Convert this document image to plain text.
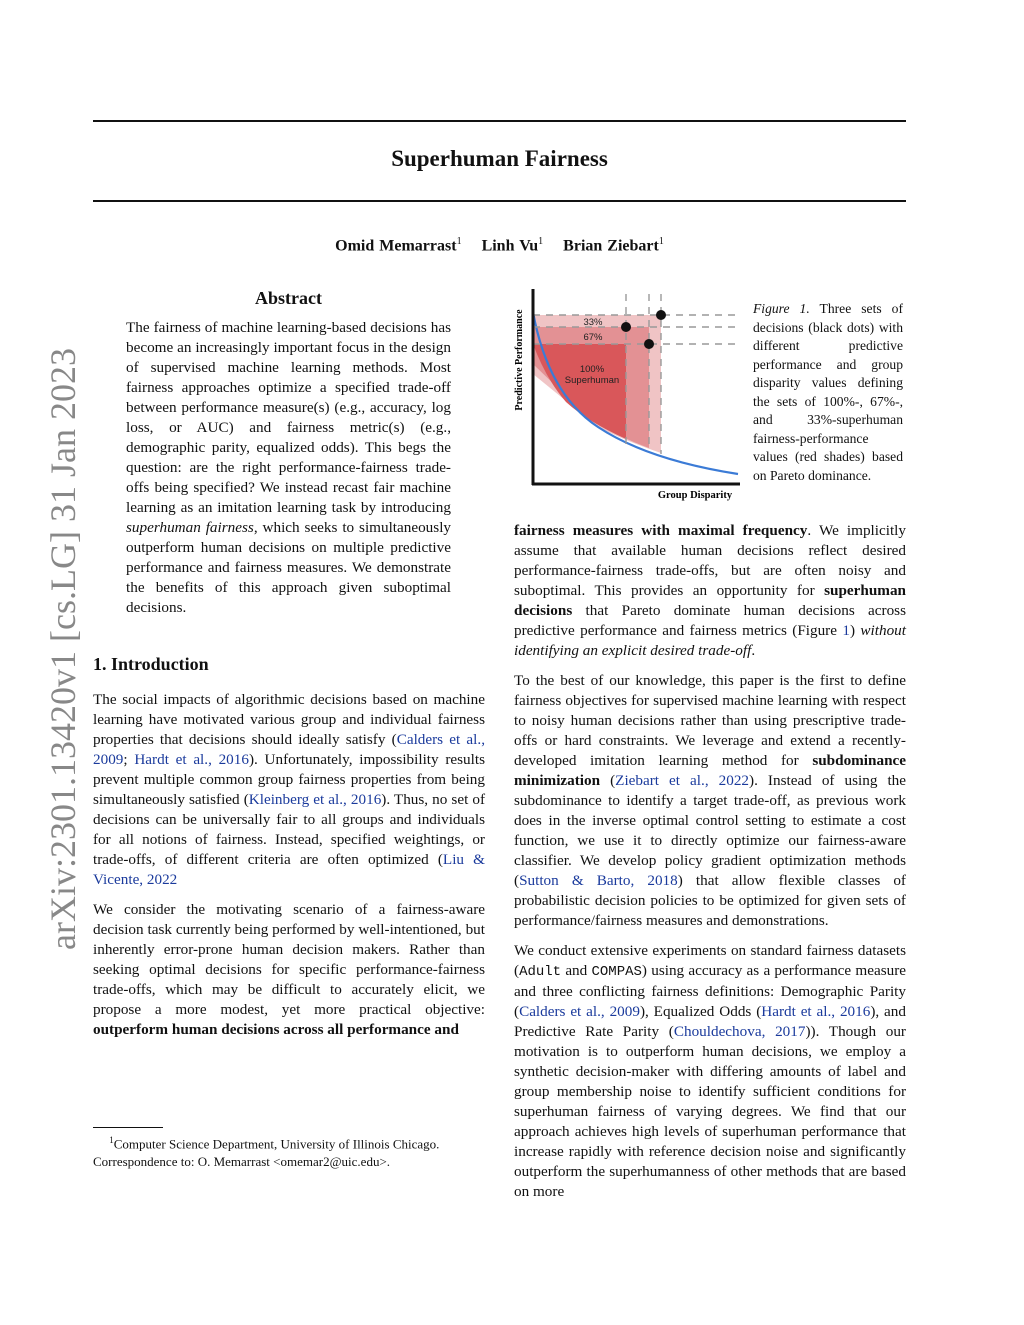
Superhuman Fairness
Omid Memarrast$^1$ Linh Vu$^1$ Brian Ziebart$^1$
arXiv:2301.13420v1 [cs.LG] 31 Jan 2023
Abstract
The fairness of machine learning-based decisions has become an increasingly important focus in the design of supervised machine learning methods. Most fairness approaches optimize a specified trade-off between performance measure(s) (e.g., accuracy, log loss, or AUC) and fairness metric(s) (e.g., demographic parity, equalized odds). This begs the question: are the right performance-fairness trade-offs being specified? We instead recast fair machine learning as an imitation learning task by introducing superhuman fairness, which seeks to simultaneously outperform human decisions on multiple predictive performance and fairness measures. We demonstrate the benefits of this approach given suboptimal decisions.
1. Introduction

The social impacts of algorithmic decisions based on machine learning have motivated various group and individual fairness properties that decisions should ideally satisfy (Calders et al., 2009; Hardt et al., 2016). Unfortunately, impossibility results prevent multiple common group fairness properties from being simultaneously satisfied (Kleinberg et al., 2016). Thus, no set of decisions can be universally fair to all groups and individuals for all notions of fairness. Instead, specified weightings, or trade-offs, of different criteria are often optimized (Liu & Vicente, 2022

We consider the motivating scenario of a fairness-aware decision task currently being performed by well-intentioned, but inherently error-prone human decision makers. Rather than seeking optimal decisions for specific performance-fairness trade-offs, which may be difficult to accurately elicit, we propose a more modest, yet more practical objective: outperform human decisions across all performance and

$^1$Computer Science Department, University of Illinois Chicago. Correspondence to: O. Memarrast <omemar2@uic.edu>.
33%
67%
100%
Superhuman
Predictive Performance
Group Disparity
Figure 1. Three sets of decisions (black dots) with different predictive performance and group disparity values defining the sets of 100%-, 67%-, and 33%-superhuman fairness-performance values (red shades) based on Pareto dominance.

fairness measures with maximal frequency. We implicitly assume that available human decisions reflect desired performance-fairness trade-offs, but are often noisy and suboptimal. This provides an opportunity for superhuman decisions that Pareto dominate human decisions across predictive performance and fairness metrics (Figure 1) without identifying an explicit desired trade-off.

To the best of our knowledge, this paper is the first to define fairness objectives for supervised machine learning with respect to noisy human decisions rather than using prescriptive trade-offs or hard constraints. We leverage and extend a recently-developed imitation learning method for subdominance minimization (Ziebart et al., 2022). Instead of using the subdominance to identify a target trade-off, as previous work does in the inverse optimal control setting to estimate a cost function, we use it to directly optimize our fairness-aware classifier. We develop policy gradient optimization methods (Sutton & Barto, 2018) that allow flexible classes of probabilistic decision policies to be optimized for given sets of performance/fairness measures and demonstrations.

We conduct extensive experiments on standard fairness datasets (Adult and COMPAS) using accuracy as a performance measure and three conflicting fairness definitions: Demographic Parity (Calders et al., 2009), Equalized Odds (Hardt et al., 2016), and Predictive Rate Parity (Chouldechova, 2017)). Though our motivation is to outperform human decisions, we employ a synthetic decision-maker with differing amounts of label and group membership noise to identify sufficient conditions for superhuman fairness of varying degrees. We find that our approach achieves high levels of superhuman performance that increase rapidly with reference decision noise and significantly outperform the superhumanness of other methods that are based on more
